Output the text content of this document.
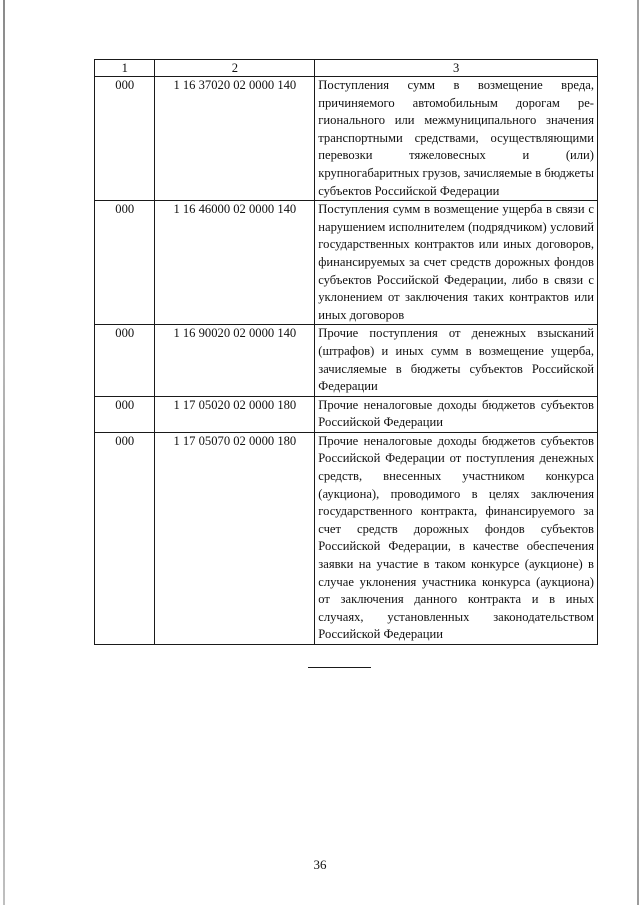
1	2	3
000	1 16 37020 02 0000 140	Поступления сумм в возмещение вреда, причиняемого автомобильным дорогам регионального или межмуниципального значения транспортными средствами, осуществляющими перевозки тяжеловесных и (или) крупногабаритных грузов, зачисляемые в бюджеты субъектов Российской Федерации
000	1 16 46000 02 0000 140	Поступления сумм в возмещение ущерба в связи с нарушением исполнителем (подрядчиком) условий государственных контрактов или иных договоров, финансируемых за счет средств дорожных фондов субъектов Российской Федерации, либо в связи с уклонением от заключения таких контрактов или иных договоров
000	1 16 90020 02 0000 140	Прочие поступления от денежных взысканий (штрафов) и иных сумм в возмещение ущерба, зачисляемые в бюджеты субъектов Российской Федерации
000	1 17 05020 02 0000 180	Прочие неналоговые доходы бюджетов субъектов Российской Федерации
000	1 17 05070 02 0000 180	Прочие неналоговые доходы бюджетов субъектов Российской Федерации от поступления денежных средств, внесенных участником конкурса (аукциона), проводимого в целях заключения государственного контракта, финансируемого за счет средств дорожных фондов субъектов Российской Федерации, в качестве обеспечения заявки на участие в таком конкурсе (аукционе) в случае уклонения участника конкурса (аукциона) от заключения данного контракта и в иных случаях, установленных законодательством Российской Федерации
36
